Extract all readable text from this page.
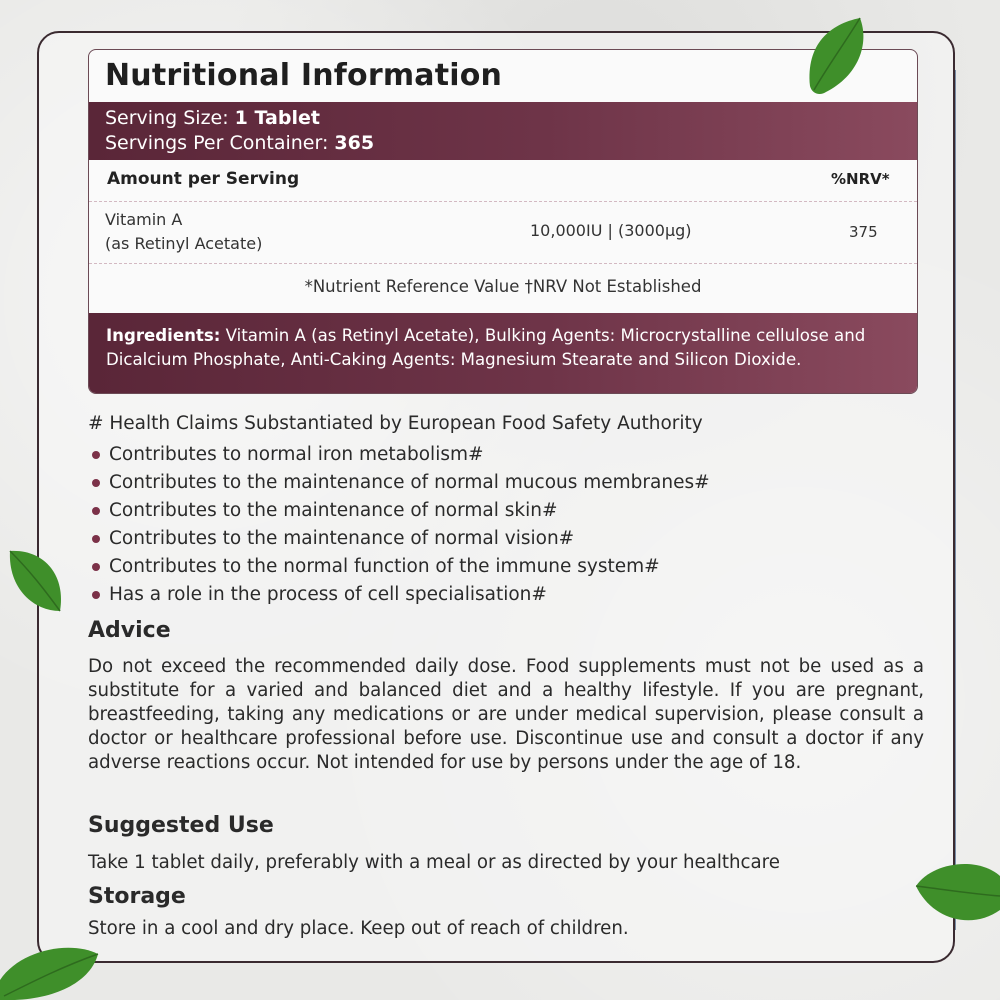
Nutritional Information
Serving Size: 1 Tablet
Servings Per Container: 365
Amount per Serving	%NRV*
Vitamin A
(as Retinyl Acetate)
10,000IU | (3000µg)	375
*Nutrient Reference Value †NRV Not Established
Ingredients: Vitamin A (as Retinyl Acetate), Bulking Agents: Microcrystalline cellulose and Dicalcium Phosphate, Anti-Caking Agents: Magnesium Stearate and Silicon Dioxide.
# Health Claims Substantiated by European Food Safety Authority
Contributes to normal iron metabolism#
Contributes to the maintenance of normal mucous membranes#
Contributes to the maintenance of normal skin#
Contributes to the maintenance of normal vision#
Contributes to the normal function of the immune system#
Has a role in the process of cell specialisation#
Advice
Do not exceed the recommended daily dose. Food supplements must not be used as a substitute for a varied and balanced diet and a healthy lifestyle. If you are pregnant, breastfeeding, taking any medications or are under medical supervision, please consult a doctor or healthcare professional before use. Discontinue use and consult a doctor if any adverse reactions occur. Not intended for use by persons under the age of 18.
Suggested Use
Take 1 tablet daily, preferably with a meal or as directed by your healthcare
Storage
Store in a cool and dry place. Keep out of reach of children.
